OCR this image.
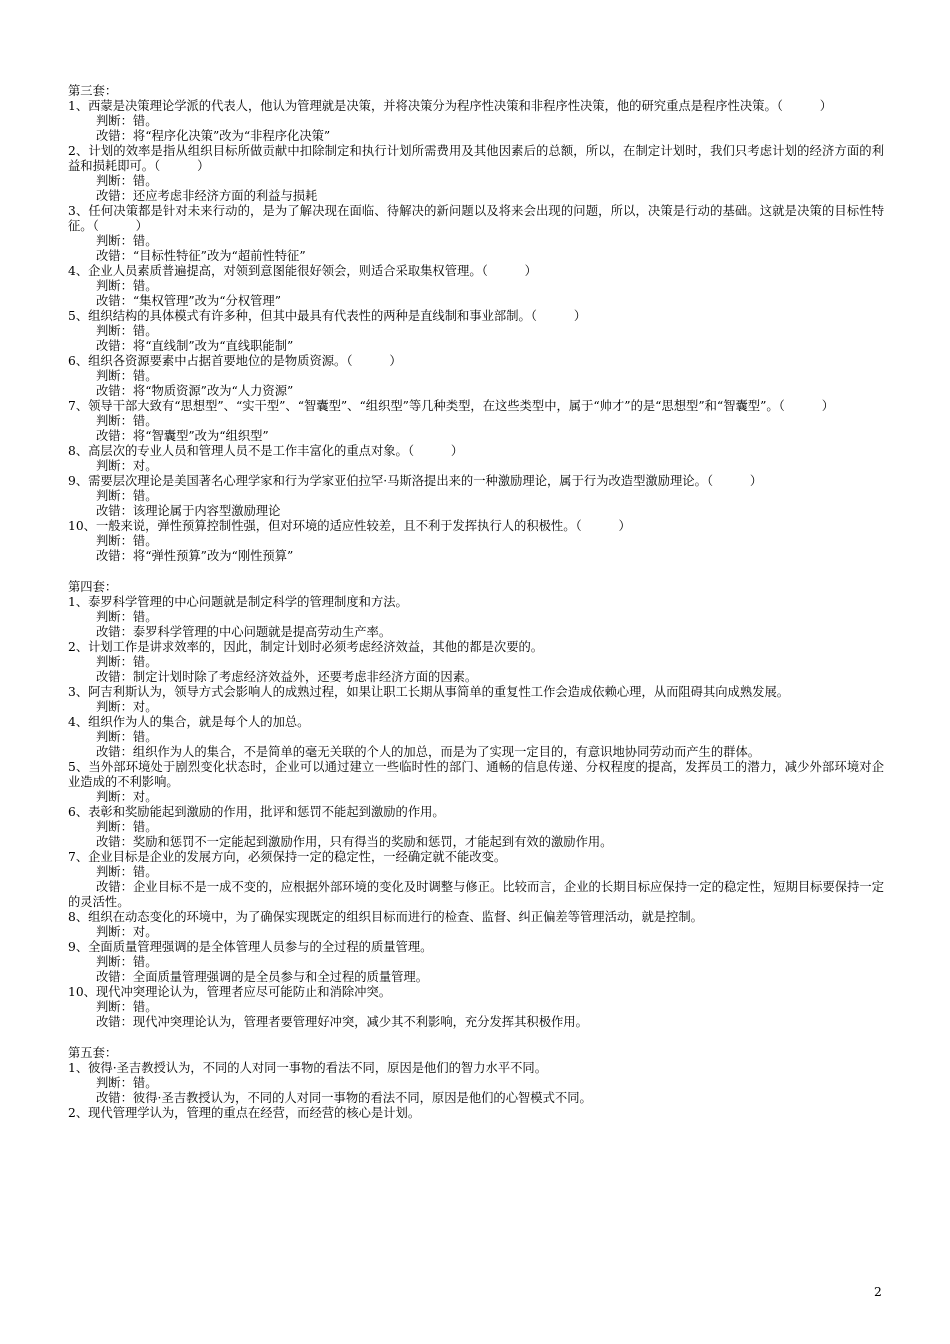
第三套：
1、西蒙是决策理论学派的代表人，他认为管理就是决策，并将决策分为程序性决策和非程序性决策，他的研究重点是程序性决策。（　　　）
判断：错。
改错：将“程序化决策”改为“非程序化决策”
2、计划的效率是指从组织目标所做贡献中扣除制定和执行计划所需费用及其他因素后的总额，所以，在制定计划时，我们只考虑计划的经济方面的利益和损耗即可。（　　　）
判断：错。
改错：还应考虑非经济方面的利益与损耗
3、任何决策都是针对未来行动的，是为了解决现在面临、待解决的新问题以及将来会出现的问题，所以，决策是行动的基础。这就是决策的目标性特征。（　　　）
判断：错。
改错：“目标性特征”改为“超前性特征”
4、企业人员素质普遍提高，对领到意图能很好领会，则适合采取集权管理。（　　　）
判断：错。
改错：“集权管理”改为“分权管理”
5、组织结构的具体模式有许多种，但其中最具有代表性的两种是直线制和事业部制。（　　　）
判断：错。
改错：将“直线制”改为“直线职能制”
6、组织各资源要素中占据首要地位的是物质资源。（　　　）
判断：错。
改错：将“物质资源”改为“人力资源”
7、领导干部大致有“思想型”、“实干型”、“智囊型”、“组织型”等几种类型，在这些类型中，属于“帅才”的是“思想型”和“智囊型”。（　　　）
判断：错。
改错：将“智囊型”改为“组织型”
8、高层次的专业人员和管理人员不是工作丰富化的重点对象。（　　　）
判断：对。
9、需要层次理论是美国著名心理学家和行为学家亚伯拉罕·马斯洛提出来的一种激励理论，属于行为改造型激励理论。（　　　）
判断：错。
改错：该理论属于内容型激励理论
10、一般来说，弹性预算控制性强，但对环境的适应性较差，且不利于发挥执行人的积极性。（　　　）
判断：错。
改错：将“弹性预算”改为“刚性预算”
第四套：
1、泰罗科学管理的中心问题就是制定科学的管理制度和方法。
判断：错。
改错：泰罗科学管理的中心问题就是提高劳动生产率。
2、计划工作是讲求效率的，因此，制定计划时必须考虑经济效益，其他的都是次要的。
判断：错。
改错：制定计划时除了考虑经济效益外，还要考虑非经济方面的因素。
3、阿吉利斯认为，领导方式会影响人的成熟过程，如果让职工长期从事简单的重复性工作会造成依赖心理，从而阻碍其向成熟发展。
判断：对。
4、组织作为人的集合，就是每个人的加总。
判断：错。
改错：组织作为人的集合，不是简单的毫无关联的个人的加总，而是为了实现一定目的，有意识地协同劳动而产生的群体。
5、当外部环境处于剧烈变化状态时，企业可以通过建立一些临时性的部门、通畅的信息传递、分权程度的提高，发挥员工的潜力，减少外部环境对企业造成的不利影响。
判断：对。
6、表彰和奖励能起到激励的作用，批评和惩罚不能起到激励的作用。
判断：错。
改错：奖励和惩罚不一定能起到激励作用，只有得当的奖励和惩罚，才能起到有效的激励作用。
7、企业目标是企业的发展方向，必须保持一定的稳定性，一经确定就不能改变。
判断：错。
改错：企业目标不是一成不变的，应根据外部环境的变化及时调整与修正。比较而言，企业的长期目标应保持一定的稳定性，短期目标要保持一定的灵活性。
8、组织在动态变化的环境中，为了确保实现既定的组织目标而进行的检查、监督、纠正偏差等管理活动，就是控制。
判断：对。
9、全面质量管理强调的是全体管理人员参与的全过程的质量管理。
判断：错。
改错：全面质量管理强调的是全员参与和全过程的质量管理。
10、现代冲突理论认为，管理者应尽可能防止和消除冲突。
判断：错。
改错：现代冲突理论认为，管理者要管理好冲突，减少其不利影响，充分发挥其积极作用。
第五套：
1、彼得·圣吉教授认为，不同的人对同一事物的看法不同，原因是他们的智力水平不同。
判断：错。
改错：彼得·圣吉教授认为，不同的人对同一事物的看法不同，原因是他们的心智模式不同。
2、现代管理学认为，管理的重点在经营，而经营的核心是计划。
2
